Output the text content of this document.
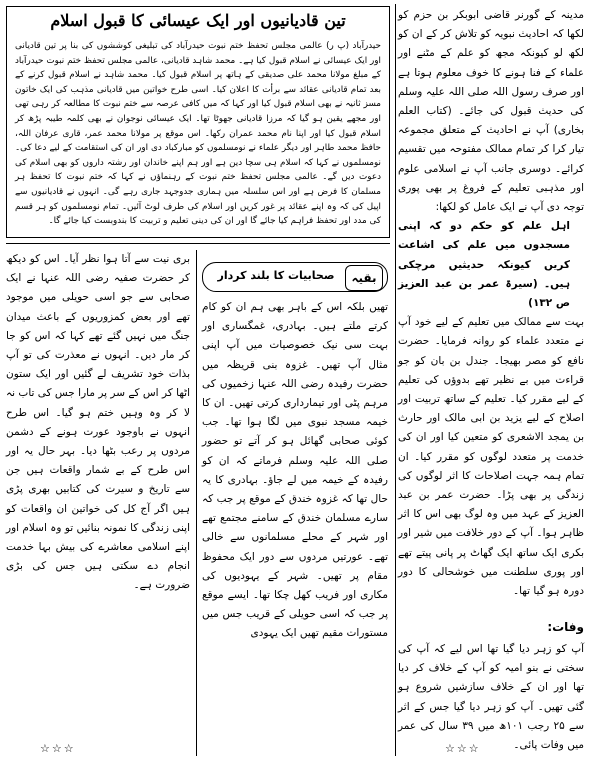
مدینہ کے گورنر قاضی ابوبکر بن حزم کو لکھا کہ احادیث نبویہ کو تلاش کر کے ان کو لکھ لو کیونکہ مجھ کو علم کے مٹنے اور علماء کے فنا ہونے کا خوف معلوم ہوتا ہے اور صرف رسول اللہ صلی اللہ علیہ وسلم کی حدیث قبول کی جائے۔ (کتاب العلم بخاری) آپ نے احادیث کے متعلق مجموعہ تیار کرا کر تمام ممالک مفتوحہ میں تقسیم کرائے۔ دوسری جانب آپ نے اسلامی علوم اور مذہبی تعلیم کے فروغ پر بھی پوری توجہ دی آپ نے ایک عامل کو لکھا:

اہل علم کو حکم دو کہ اپنی مسجدوں میں علم کی اشاعت کریں کیونکہ حدیثیں مرچکی ہیں۔ (سیرۃ عمر بن عبد العزیز ص ۱۳۲)

بہت سے ممالک میں تعلیم کے لیے خود آپ نے متعدد علماء کو روانہ فرمایا۔ حضرت نافع کو مصر بھیجا۔ جندل بن بان کو جو قراءت میں بے نظیر تھے بدوؤں کی تعلیم کے لیے مقرر کیا۔ تعلیم کے ساتھ تربیت اور اصلاح کے لیے یزید بن ابی مالک اور حارث بن یمجد الاشعری کو متعین کیا اور ان کی خدمت پر متعدد لوگوں کو مقرر کیا۔ ان تمام ہمہ جہت اصلاحات کا اثر لوگوں کی زندگی پر بھی پڑا۔ حضرت عمر بن عبد العزیز کے عہد میں وہ لوگ بھی اس کا اثر ظاہر ہوا۔ آپ کے دور خلافت میں شیر اور بکری ایک ساتھ ایک گھاٹ پر پانی پیتے تھے اور پوری سلطنت میں خوشحالی کا دور دورہ ہو گیا تھا۔

وفات:

آپ کو زہر دیا گیا تھا اس لیے کہ آپ کی سختی نے بنو امیہ کو آپ کے خلاف کر دیا تھا اور ان کے خلاف سازشیں شروع ہو گئی تھیں۔ آپ کو زہر دیا گیا جس کے اثر سے ۲۵ رجب ۱۰۱ھ میں ۳۹ سال کی عمر میں وفات پائی۔

☆☆☆
تین قادیانیوں اور ایک عیسائی کا قبول اسلام

حیدرآباد (پ ر) عالمی مجلس تحفظ ختم نبوت حیدرآباد کی تبلیغی کوششوں کی بنا پر تین قادیانی اور ایک عیسائی نے اسلام قبول کیا ہے۔ محمد شاہد قادیانی، عالمی مجلس تحفظ ختم نبوت حیدرآباد کے مبلغ مولانا محمد علی صدیقی کے ہاتھ پر اسلام قبول کیا۔ محمد شاہد نے اسلام قبول کرنے کے بعد تمام قادیانی عقائد سے برأت کا اعلان کیا۔ اسی طرح خواتین میں قادیانی مذہب کی ایک خاتون مسز ثانیہ نے بھی اسلام قبول کیا اور کہا کہ میں کافی عرصہ سے ختم نبوت کا مطالعہ کر رہی تھی اور مجھے یقین ہو گیا کہ مرزا قادیانی جھوٹا تھا۔ ایک عیسائی نوجوان نے بھی کلمہ طیبہ پڑھ کر اسلام قبول کیا اور اپنا نام محمد عمران رکھا۔ اس موقع پر مولانا محمد عمر، قاری عرفان اللہ، حافظ محمد طاہر اور دیگر علماء نے نومسلموں کو مبارکباد دی اور ان کی استقامت کے لیے دعا کی۔ نومسلموں نے کہا کہ اسلام ہی سچا دین ہے اور ہم اپنے خاندان اور رشتہ داروں کو بھی اسلام کی دعوت دیں گے۔ عالمی مجلس تحفظ ختم نبوت کے رہنماؤں نے کہا کہ ختم نبوت کا تحفظ ہر مسلمان کا فرض ہے اور اس سلسلہ میں ہماری جدوجہد جاری رہے گی۔ انہوں نے قادیانیوں سے اپیل کی کہ وہ اپنے عقائد پر غور کریں اور اسلام کی طرف لوٹ آئیں۔ تمام نومسلموں کو ہر قسم کی مدد اور تحفظ فراہم کیا جائے گا اور ان کی دینی تعلیم و تربیت کا بندوبست کیا جائے گا۔

بری نیت سے آتا ہوا نظر آیا۔ اس کو دیکھ کر حضرت صفیہ رضی اللہ عنہا نے ایک صحابی سے جو اسی حویلی میں موجود تھے اور بعض کمزوریوں کے باعث میدان جنگ میں نہیں گئے تھے کہا کہ اس کو جا کر مار دیں۔ انہوں نے معذرت کی تو آپ بذات خود تشریف لے گئیں اور ایک ستون اٹھا کر اس کے سر پر مارا جس کی تاب نہ لا کر وہ وہیں ختم ہو گیا۔ اس طرح انہوں نے باوجود عورت ہونے کے دشمن مردوں پر رعب بٹھا دیا۔ بہر حال یہ اور اس طرح کے بے شمار واقعات ہیں جن سے تاریخ و سیرت کی کتابیں بھری پڑی ہیں اگر آج کل کی خواتین ان واقعات کو اپنی زندگی کا نمونہ بنائیں تو وہ اسلام اور اپنے اسلامی معاشرے کی بیش بہا خدمت انجام دے سکتی ہیں جس کی بڑی ضرورت ہے۔

☆☆☆
صحابیات کا بلند کردار	بقیہ

تھیں بلکہ اس کے باہر بھی ہم ان کو کام کرتے ملتے ہیں۔ بہادری، غمگساری اور بہت سی نیک خصوصیات میں آپ اپنی مثال آپ تھیں۔ غزوہ بنی قریظہ میں حضرت رفیدہ رضی اللہ عنہا زخمیوں کی مرہم پٹی اور تیمارداری کرتی تھیں۔ ان کا خیمہ مسجد نبوی میں لگا ہوا تھا۔ جب کوئی صحابی گھائل ہو کر آتے تو حضور صلی اللہ علیہ وسلم فرماتے کہ ان کو رفیدہ کے خیمہ میں لے جاؤ۔ بہادری کا یہ حال تھا کہ غزوہ خندق کے موقع پر جب کہ سارے مسلمان خندق کے سامنے مجتمع تھے اور شہر کے محلے مسلمانوں سے خالی تھے۔ عورتیں مردوں سے دور ایک محفوظ مقام پر تھیں۔ شہر کے یہودیوں کی مکاری اور فریب کھل چکا تھا۔ ایسے موقع پر جب کہ اسی حویلی کے قریب جس میں مستورات مقیم تھیں ایک یہودی
